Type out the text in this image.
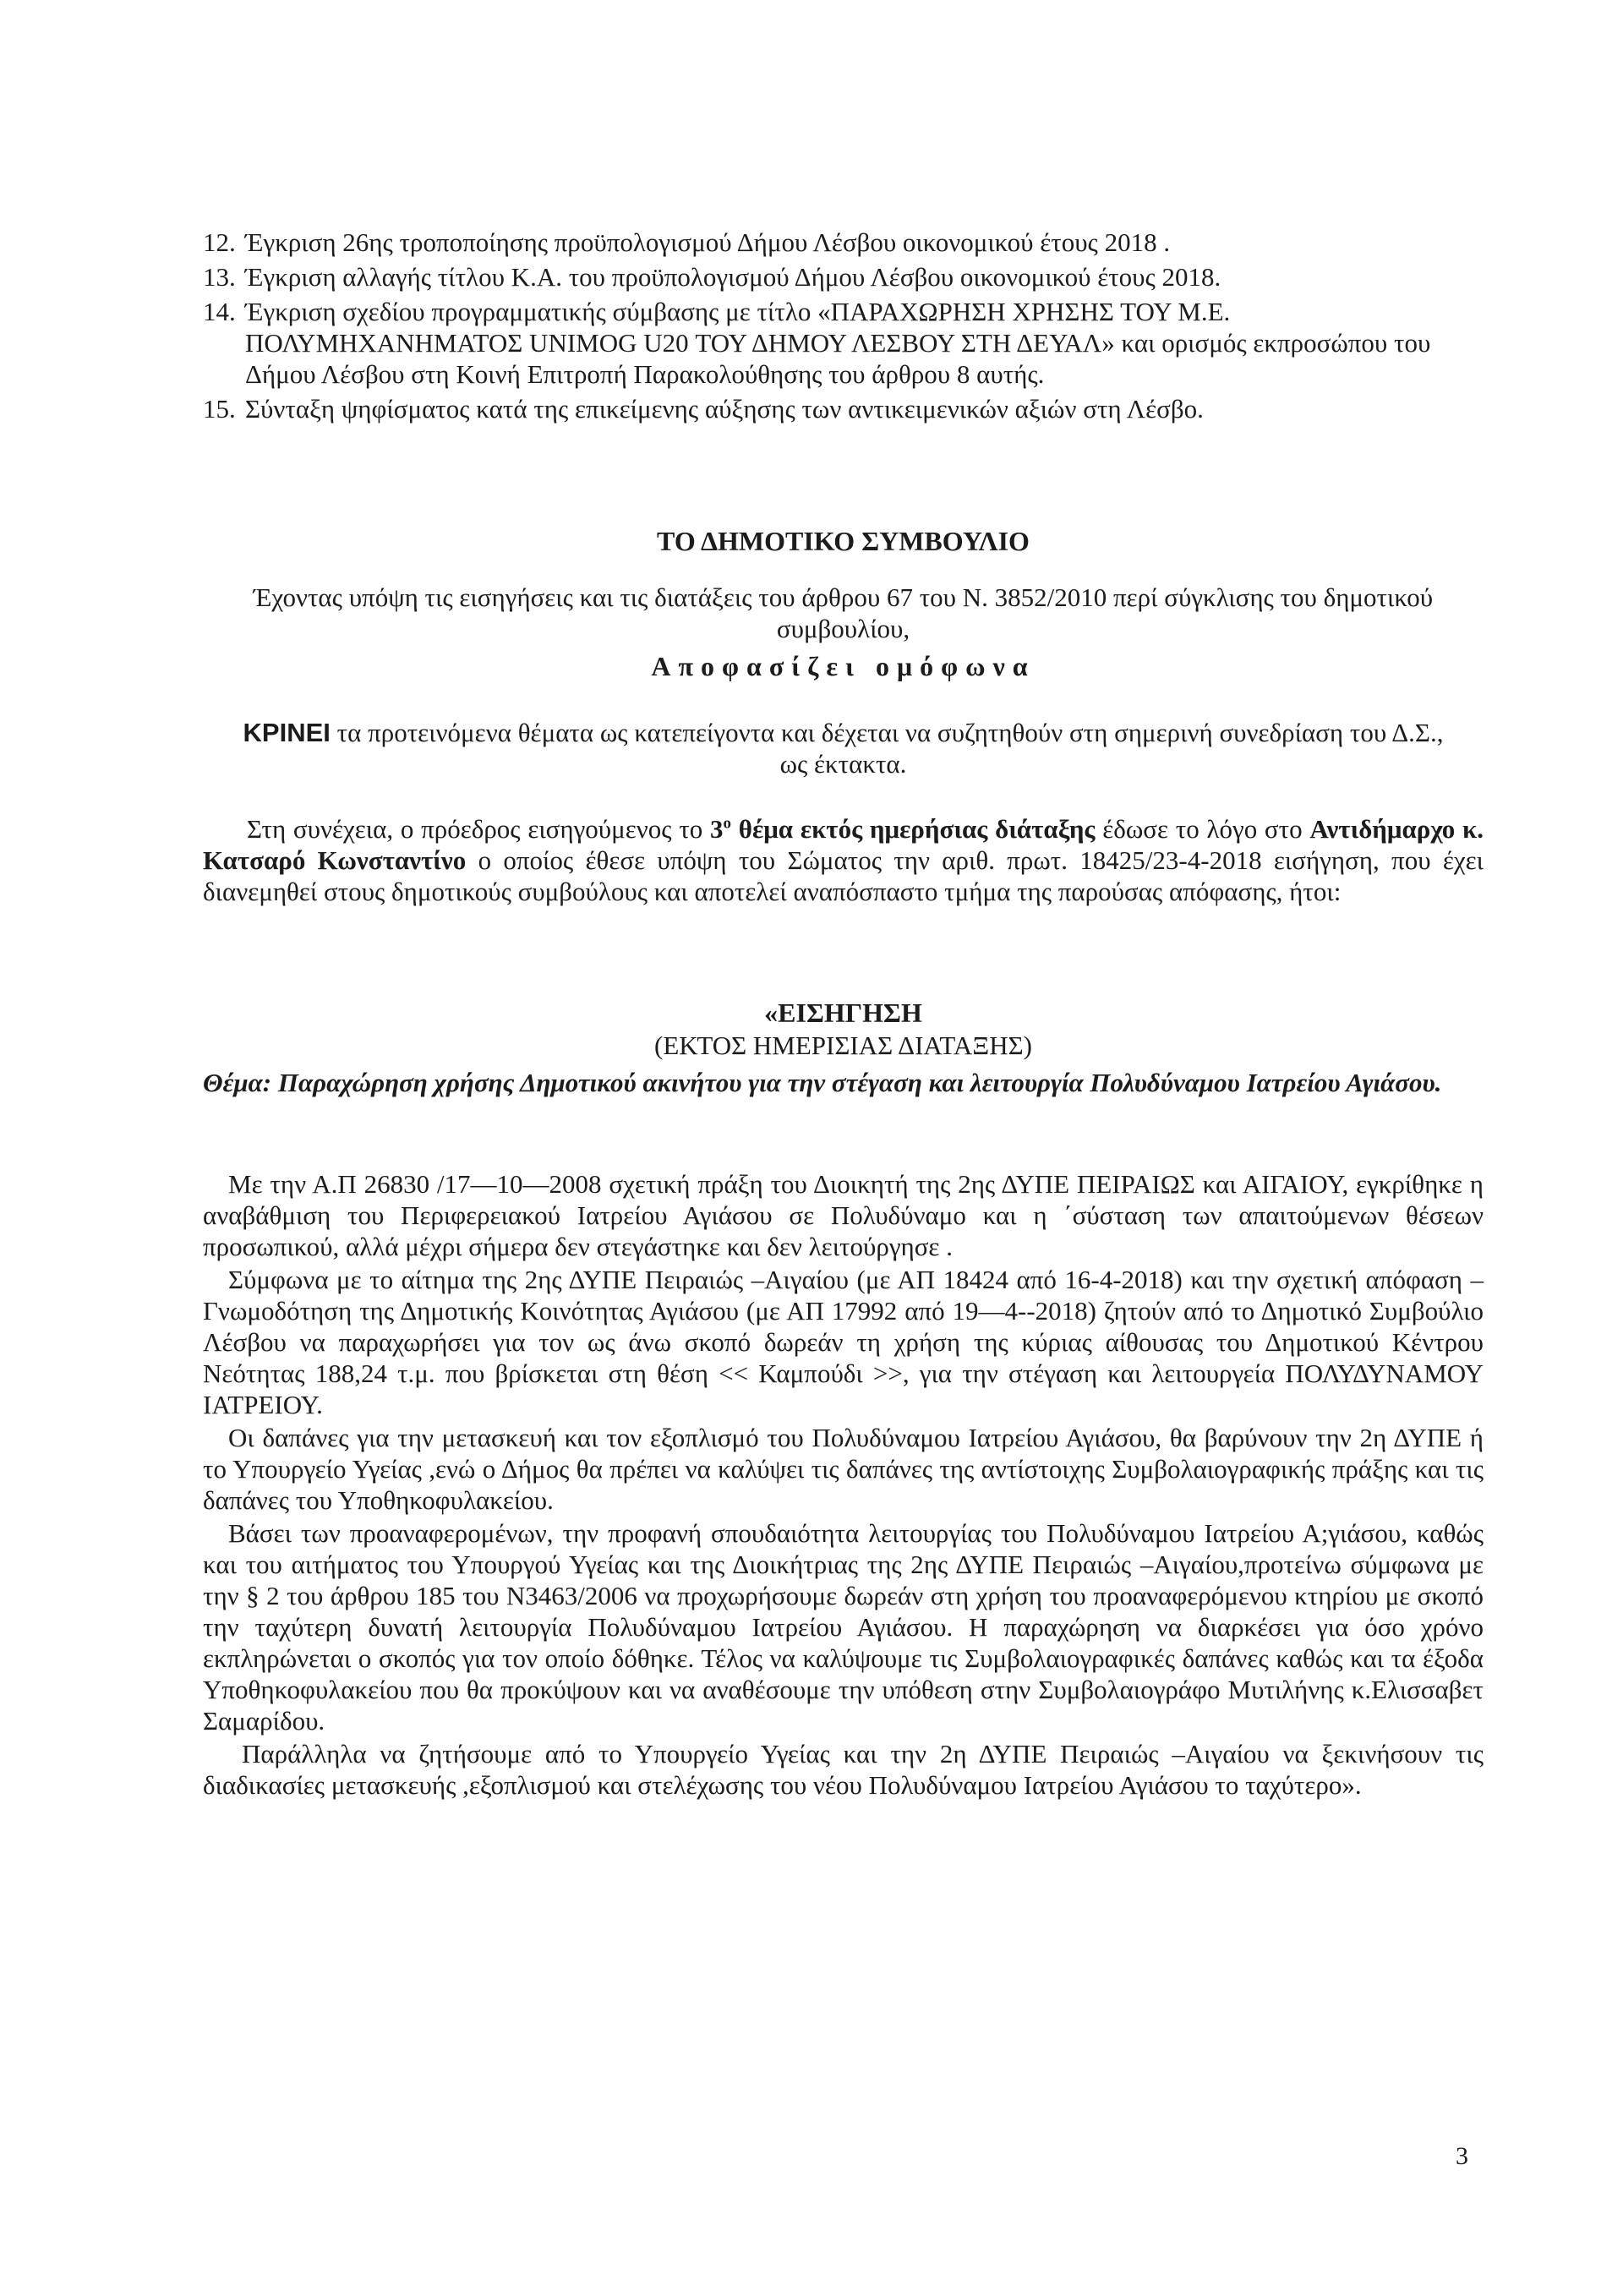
12. Έγκριση 26ης τροποποίησης προϋπολογισμού Δήμου Λέσβου οικονομικού έτους 2018 .

13. Έγκριση αλλαγής τίτλου Κ.Α. του προϋπολογισμού Δήμου Λέσβου οικονομικού έτους 2018.

14. Έγκριση σχεδίου προγραμματικής σύμβασης με τίτλο «ΠΑΡΑΧΩΡΗΣΗ ΧΡΗΣΗΣ ΤΟΥ Μ.Ε. ΠΟΛΥΜΗΧΑΝΗΜΑΤΟΣ UNIMOG U20 ΤΟΥ ΔΗΜΟΥ ΛΕΣΒΟΥ ΣΤΗ ΔΕΥΑΛ» και ορισμός εκπροσώπου του Δήμου Λέσβου στη Κοινή Επιτροπή Παρακολούθησης του άρθρου 8 αυτής.

15. Σύνταξη ψηφίσματος κατά της επικείμενης αύξησης των αντικειμενικών αξιών στη Λέσβο.

ΤΟ ΔΗΜΟΤΙΚΟ ΣΥΜΒΟΥΛΙΟ
Έχοντας υπόψη τις εισηγήσεις και τις διατάξεις του άρθρου 67 του Ν. 3852/2010 περί σύγκλισης του δημοτικού συμβουλίου,
Αποφασίζει ομόφωνα
ΚΡΙΝΕΙ τα προτεινόμενα θέματα ως κατεπείγοντα και δέχεται να συζητηθούν στη σημερινή συνεδρίαση του Δ.Σ., ως έκτακτα.
Στη συνέχεια, ο πρόεδρος εισηγούμενος το $3^o$ θέμα εκτός ημερήσιας διάταξης έδωσε το λόγο στο Αντιδήμαρχο κ. Κατσαρό Κωνσταντίνο ο οποίος έθεσε υπόψη του Σώματος την αριθ. πρωτ. 18425/23-4-2018 εισήγηση, που έχει διανεμηθεί στους δημοτικούς συμβούλους και αποτελεί αναπόσπαστο τμήμα της παρούσας απόφασης, ήτοι:
«ΕΙΣΗΓΗΣΗ
(ΕΚΤΟΣ ΗΜΕΡΙΣΙΑΣ ΔΙΑΤΑΞΗΣ)
Θέμα: Παραχώρηση χρήσης Δημοτικού ακινήτου για την στέγαση και λειτουργία Πολυδύναμου Ιατρείου Αγιάσου.

Με την Α.Π 26830 /17—10—2008 σχετική πράξη του Διοικητή της 2ης ΔΥΠΕ ΠΕΙΡΑΙΩΣ και ΑΙΓΑΙΟΥ, εγκρίθηκε η αναβάθμιση του Περιφερειακού Ιατρείου Αγιάσου σε Πολυδύναμο και η ΄σύσταση των απαιτούμενων θέσεων προσωπικού, αλλά μέχρι σήμερα δεν στεγάστηκε και δεν λειτούργησε .

Σύμφωνα με το αίτημα της 2ης ΔΥΠΕ Πειραιώς –Αιγαίου (με ΑΠ 18424 από 16-4-2018) και την σχετική απόφαση –Γνωμοδότηση της Δημοτικής Κοινότητας Αγιάσου (με ΑΠ 17992 από 19—4--2018) ζητούν από το Δημοτικό Συμβούλιο Λέσβου να παραχωρήσει για τον ως άνω σκοπό δωρεάν τη χρήση της κύριας αίθουσας του Δημοτικού Κέντρου Νεότητας 188,24 τ.μ. που βρίσκεται στη θέση << Καμπούδι >>, για την στέγαση και λειτουργεία ΠΟΛΥΔΥΝΑΜΟΥ ΙΑΤΡΕΙΟΥ.

Οι δαπάνες για την μετασκευή και τον εξοπλισμό του Πολυδύναμου Ιατρείου Αγιάσου, θα βαρύνουν την 2η ΔΥΠΕ ή το Υπουργείο Υγείας ,ενώ ο Δήμος θα πρέπει να καλύψει τις δαπάνες της αντίστοιχης Συμβολαιογραφικής πράξης και τις δαπάνες του Υποθηκοφυλακείου.

Βάσει των προαναφερομένων, την προφανή σπουδαιότητα λειτουργίας του Πολυδύναμου Ιατρείου Α;γιάσου, καθώς και του αιτήματος του Υπουργού Υγείας και της Διοικήτριας της 2ης ΔΥΠΕ Πειραιώς –Αιγαίου,προτείνω σύμφωνα με την § 2 του άρθρου 185 του Ν3463/2006 να προχωρήσουμε δωρεάν στη χρήση του προαναφερόμενου κτηρίου με σκοπό την ταχύτερη δυνατή λειτουργία Πολυδύναμου Ιατρείου Αγιάσου. Η παραχώρηση να διαρκέσει για όσο χρόνο εκπληρώνεται ο σκοπός για τον οποίο δόθηκε. Τέλος να καλύψουμε τις Συμβολαιογραφικές δαπάνες καθώς και τα έξοδα Υποθηκοφυλακείου που θα προκύψουν και να αναθέσουμε την υπόθεση στην Συμβολαιογράφο Μυτιλήνης κ.Ελισσαβετ Σαμαρίδου.

Παράλληλα να ζητήσουμε από το Υπουργείο Υγείας και την 2η ΔΥΠΕ Πειραιώς –Αιγαίου να ξεκινήσουν τις διαδικασίες μετασκευής ,εξοπλισμού και στελέχωσης του νέου Πολυδύναμου Ιατρείου Αγιάσου το ταχύτερο».

3
